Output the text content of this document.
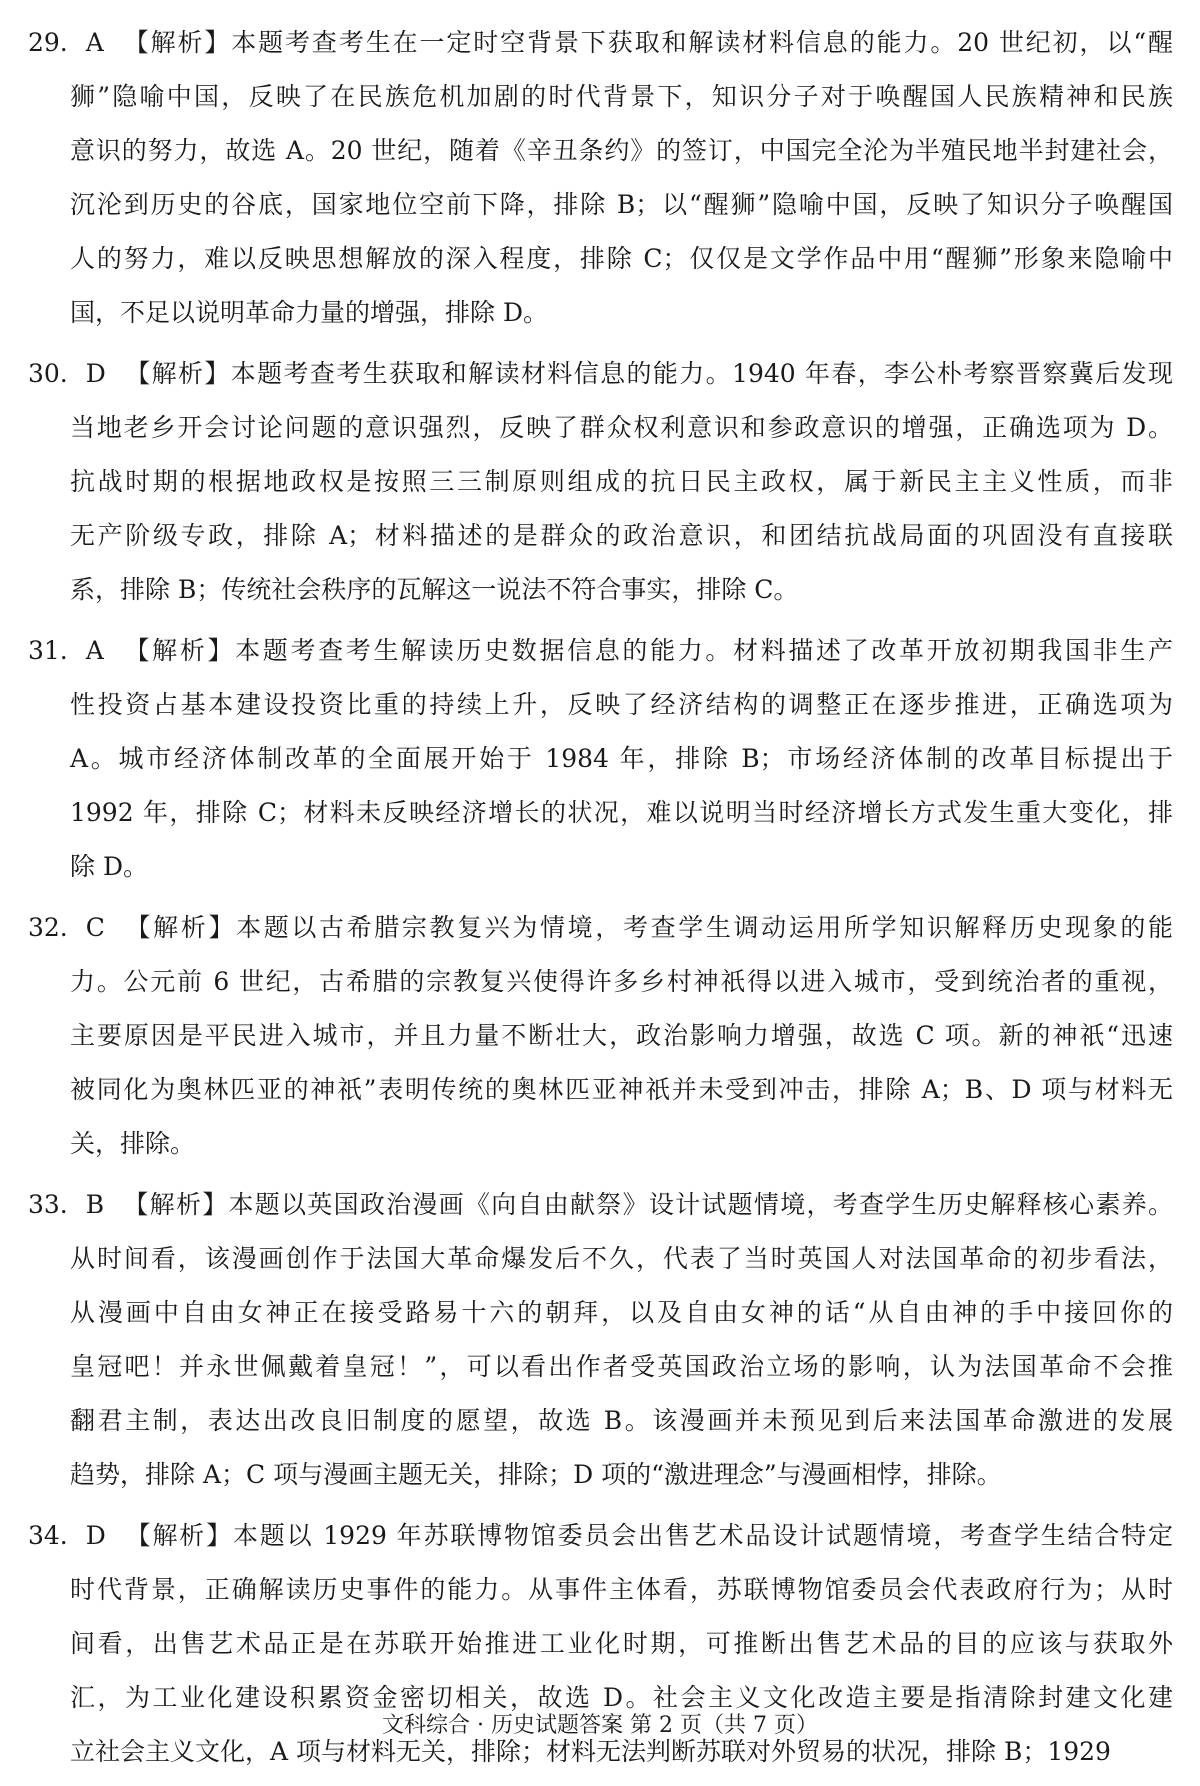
29. A 【解析】本题考查考生在一定时空背景下获取和解读材料信息的能力。20 世纪初，以“醒
狮”隐喻中国，反映了在民族危机加剧的时代背景下，知识分子对于唤醒国人民族精神和民族
意识的努力，故选 A。20 世纪，随着《辛丑条约》的签订，中国完全沦为半殖民地半封建社会，
沉沦到历史的谷底，国家地位空前下降，排除 B；以“醒狮”隐喻中国，反映了知识分子唤醒国
人的努力，难以反映思想解放的深入程度，排除 C；仅仅是文学作品中用“醒狮”形象来隐喻中
国，不足以说明革命力量的增强，排除 D。
30. D 【解析】本题考查考生获取和解读材料信息的能力。1940 年春，李公朴考察晋察冀后发现
当地老乡开会讨论问题的意识强烈，反映了群众权利意识和参政意识的增强，正确选项为 D。
抗战时期的根据地政权是按照三三制原则组成的抗日民主政权，属于新民主主义性质，而非
无产阶级专政，排除 A；材料描述的是群众的政治意识，和团结抗战局面的巩固没有直接联
系，排除 B；传统社会秩序的瓦解这一说法不符合事实，排除 C。
31. A 【解析】本题考查考生解读历史数据信息的能力。材料描述了改革开放初期我国非生产
性投资占基本建设投资比重的持续上升，反映了经济结构的调整正在逐步推进，正确选项为
A。城市经济体制改革的全面展开始于 1984 年，排除 B；市场经济体制的改革目标提出于
1992 年，排除 C；材料未反映经济增长的状况，难以说明当时经济增长方式发生重大变化，排
除 D。
32. C 【解析】本题以古希腊宗教复兴为情境，考查学生调动运用所学知识解释历史现象的能
力。公元前 6 世纪，古希腊的宗教复兴使得许多乡村神祇得以进入城市，受到统治者的重视，
主要原因是平民进入城市，并且力量不断壮大，政治影响力增强，故选 C 项。新的神祇“迅速
被同化为奥林匹亚的神祇”表明传统的奥林匹亚神祇并未受到冲击，排除 A；B、D 项与材料无
关，排除。
33. B 【解析】本题以英国政治漫画《向自由献祭》设计试题情境，考查学生历史解释核心素养。
从时间看，该漫画创作于法国大革命爆发后不久，代表了当时英国人对法国革命的初步看法，
从漫画中自由女神正在接受路易十六的朝拜，以及自由女神的话“从自由神的手中接回你的
皇冠吧！并永世佩戴着皇冠！”，可以看出作者受英国政治立场的影响，认为法国革命不会推
翻君主制，表达出改良旧制度的愿望，故选 B。该漫画并未预见到后来法国革命激进的发展
趋势，排除 A；C 项与漫画主题无关，排除；D 项的“激进理念”与漫画相悖，排除。
34. D 【解析】本题以 1929 年苏联博物馆委员会出售艺术品设计试题情境，考查学生结合特定
时代背景，正确解读历史事件的能力。从事件主体看，苏联博物馆委员会代表政府行为；从时
间看，出售艺术品正是在苏联开始推进工业化时期，可推断出售艺术品的目的应该与获取外
汇，为工业化建设积累资金密切相关，故选 D。社会主义文化改造主要是指清除封建文化建
立社会主义文化，A 项与材料无关，排除；材料无法判断苏联对外贸易的状况，排除 B；1929
文科综合 · 历史试题答案 第 2 页（共 7 页）
